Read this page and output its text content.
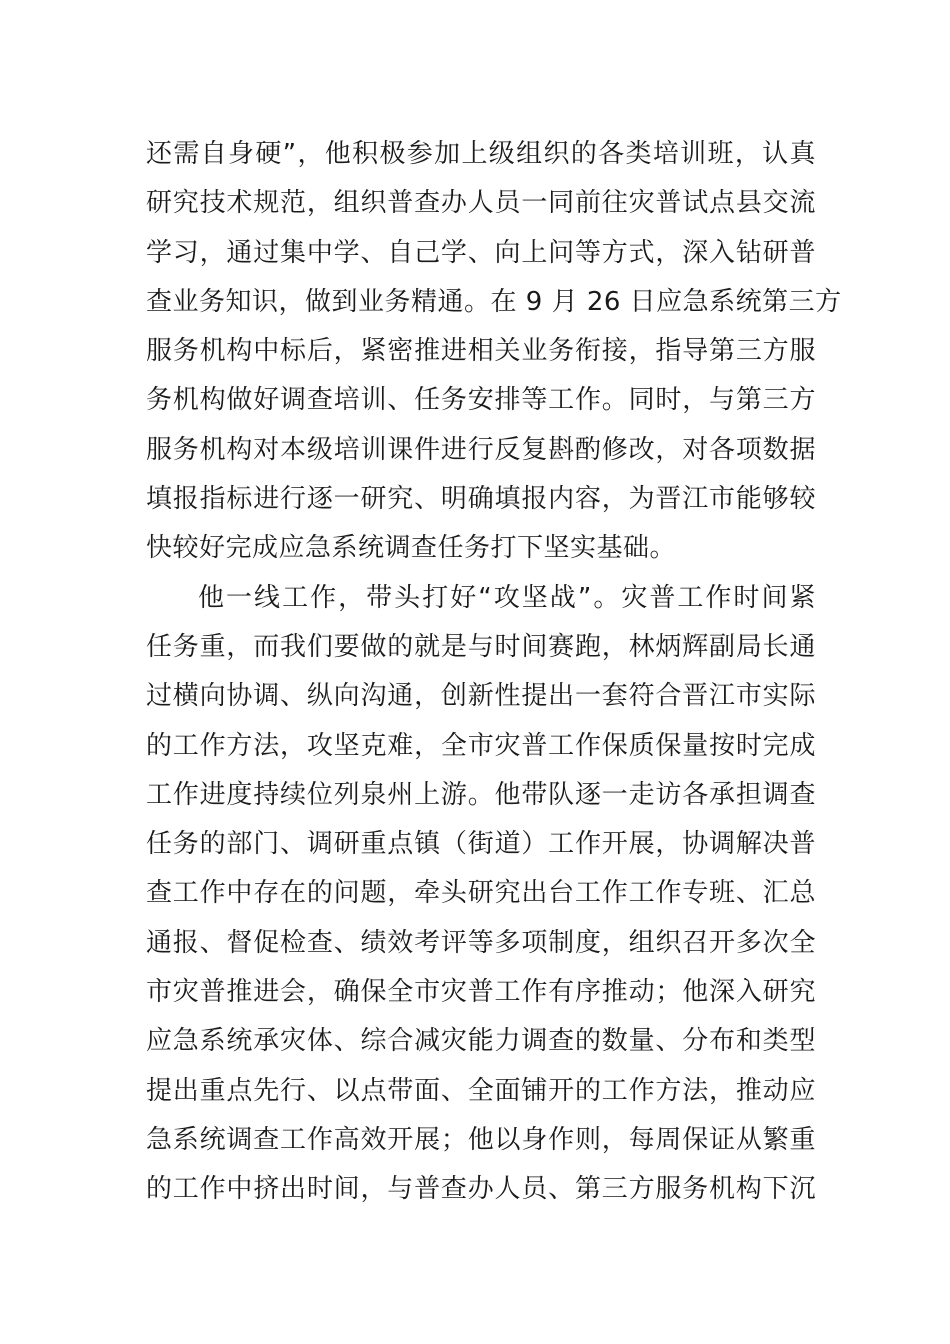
还需自身硬”，他积极参加上级组织的各类培训班，认真
研究技术规范，组织普查办人员一同前往灾普试点县交流
学习，通过集中学、自己学、向上问等方式，深入钻研普
查业务知识，做到业务精通。在 9 月 26 日应急系统第三方
服务机构中标后，紧密推进相关业务衔接，指导第三方服
务机构做好调查培训、任务安排等工作。同时，与第三方
服务机构对本级培训课件进行反复斟酌修改，对各项数据
填报指标进行逐一研究、明确填报内容，为晋江市能够较
快较好完成应急系统调查任务打下坚实基础。
他一线工作，带头打好“攻坚战”。灾普工作时间紧
任务重，而我们要做的就是与时间赛跑，林炳辉副局长通
过横向协调、纵向沟通，创新性提出一套符合晋江市实际
的工作方法，攻坚克难，全市灾普工作保质保量按时完成
工作进度持续位列泉州上游。他带队逐一走访各承担调查
任务的部门、调研重点镇（街道）工作开展，协调解决普
查工作中存在的问题，牵头研究出台工作工作专班、汇总
通报、督促检查、绩效考评等多项制度，组织召开多次全
市灾普推进会，确保全市灾普工作有序推动；他深入研究
应急系统承灾体、综合减灾能力调查的数量、分布和类型
提出重点先行、以点带面、全面铺开的工作方法，推动应
急系统调查工作高效开展；他以身作则，每周保证从繁重
的工作中挤出时间，与普查办人员、第三方服务机构下沉
